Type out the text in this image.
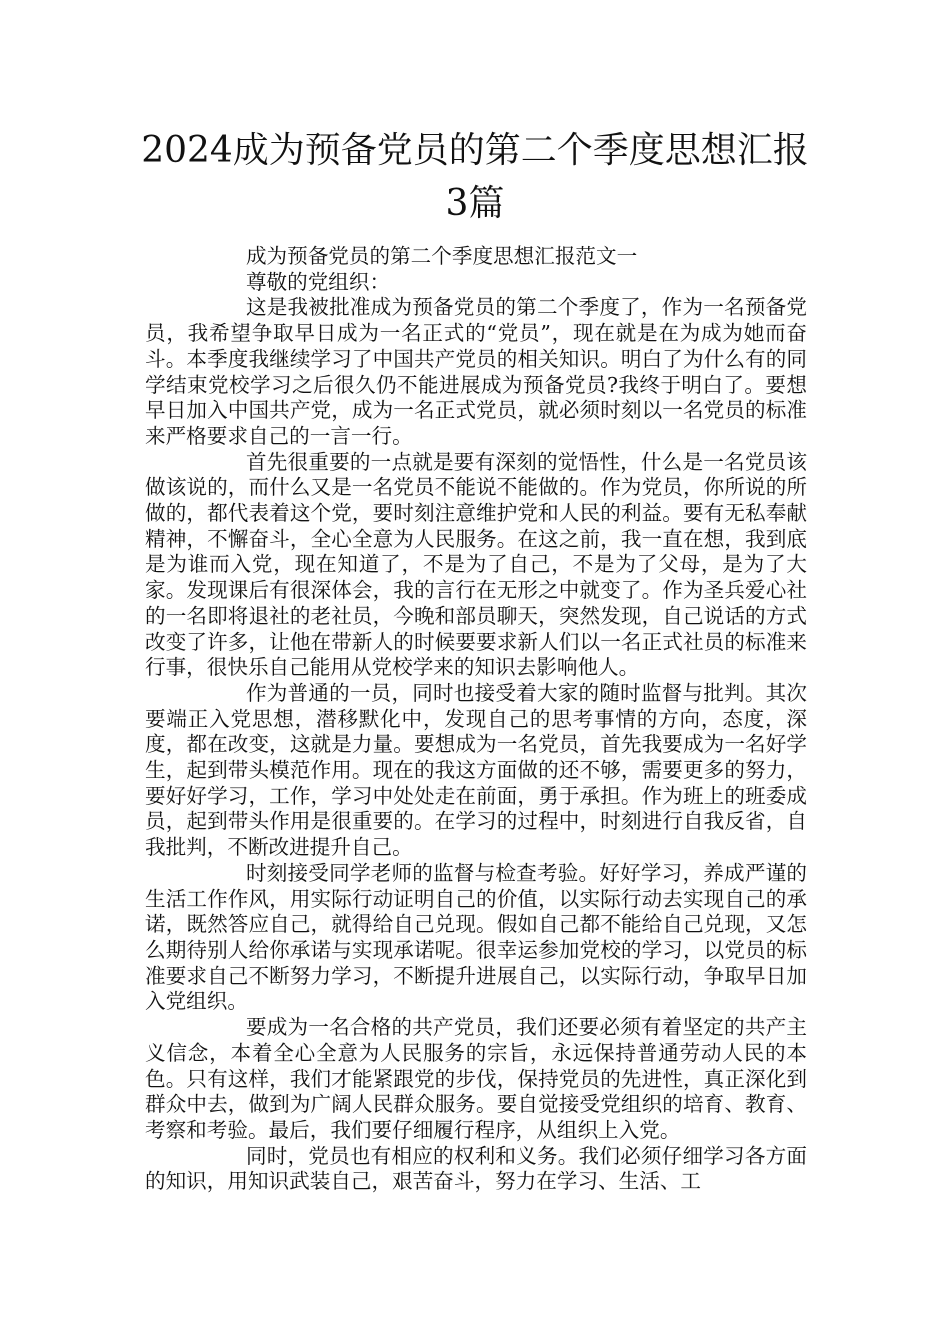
2024成为预备党员的第二个季度思想汇报
3篇

成为预备党员的第二个季度思想汇报范文一

尊敬的党组织：

这是我被批准成为预备党员的第二个季度了，作为一名预备党员，我希望争取早日成为一名正式的“党员”，现在就是在为成为她而奋斗。本季度我继续学习了中国共产党员的相关知识。明白了为什么有的同学结束党校学习之后很久仍不能进展成为预备党员?我终于明白了。要想早日加入中国共产党，成为一名正式党员，就必须时刻以一名党员的标准来严格要求自己的一言一行。

首先很重要的一点就是要有深刻的觉悟性，什么是一名党员该做该说的，而什么又是一名党员不能说不能做的。作为党员，你所说的所做的，都代表着这个党，要时刻注意维护党和人民的利益。要有无私奉献精神，不懈奋斗，全心全意为人民服务。在这之前，我一直在想，我到底是为谁而入党，现在知道了，不是为了自己，不是为了父母，是为了大家。发现课后有很深体会，我的言行在无形之中就变了。作为圣兵爱心社的一名即将退社的老社员，今晚和部员聊天，突然发现，自己说话的方式改变了许多，让他在带新人的时候要要求新人们以一名正式社员的标准来行事，很快乐自己能用从党校学来的知识去影响他人。

作为普通的一员，同时也接受着大家的随时监督与批判。其次要端正入党思想，潜移默化中，发现自己的思考事情的方向，态度，深度，都在改变，这就是力量。要想成为一名党员，首先我要成为一名好学生，起到带头模范作用。现在的我这方面做的还不够，需要更多的努力，要好好学习，工作，学习中处处走在前面，勇于承担。作为班上的班委成员，起到带头作用是很重要的。在学习的过程中，时刻进行自我反省，自我批判，不断改进提升自己。

时刻接受同学老师的监督与检查考验。好好学习，养成严谨的生活工作作风，用实际行动证明自己的价值，以实际行动去实现自己的承诺，既然答应自己，就得给自己兑现。假如自己都不能给自己兑现，又怎么期待别人给你承诺与实现承诺呢。很幸运参加党校的学习，以党员的标准要求自己不断努力学习，不断提升进展自己，以实际行动，争取早日加入党组织。

要成为一名合格的共产党员，我们还要必须有着坚定的共产主义信念，本着全心全意为人民服务的宗旨，永远保持普通劳动人民的本色。只有这样，我们才能紧跟党的步伐，保持党员的先进性，真正深化到群众中去，做到为广阔人民群众服务。要自觉接受党组织的培育、教育、考察和考验。最后，我们要仔细履行程序，从组织上入党。

同时，党员也有相应的权利和义务。我们必须仔细学习各方面的知识，用知识武装自己，艰苦奋斗，努力在学习、生活、工
